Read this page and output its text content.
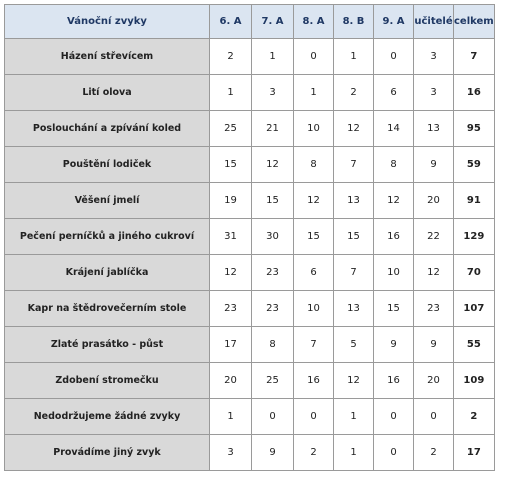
Vánoční zvyky	6. A	7. A	8. A	8. B	9. A	učitelé	celkem
Házení střevícem	2	1	0	1	0	3	7
Lití olova	1	3	1	2	6	3	16
Poslouchání a zpívání koled	25	21	10	12	14	13	95
Pouštění lodiček	15	12	8	7	8	9	59
Věšení jmelí	19	15	12	13	12	20	91
Pečení perníčků a jiného cukroví	31	30	15	15	16	22	129
Krájení jablíčka	12	23	6	7	10	12	70
Kapr na štědrovečerním stole	23	23	10	13	15	23	107
Zlaté prasátko - půst	17	8	7	5	9	9	55
Zdobení stromečku	20	25	16	12	16	20	109
Nedodržujeme žádné zvyky	1	0	0	1	0	0	2
Provádíme jiný zvyk	3	9	2	1	0	2	17
